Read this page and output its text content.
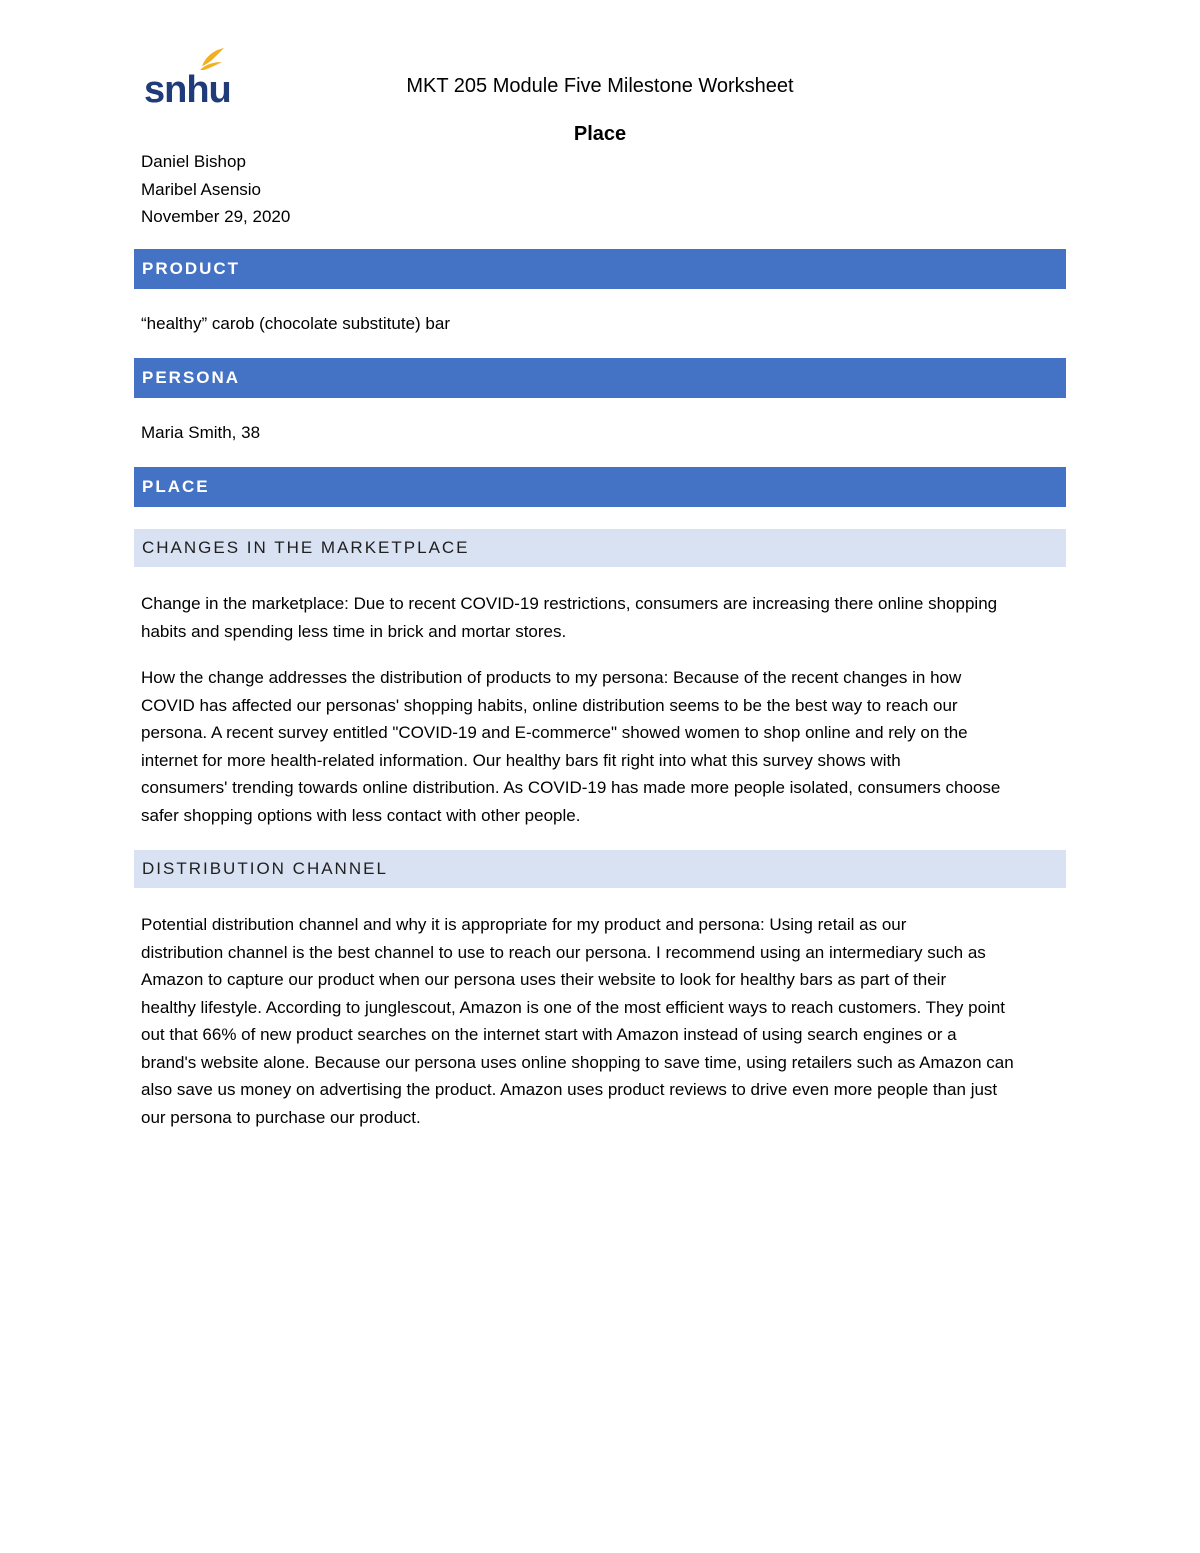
snhu	MKT 205 Module Five Milestone Worksheet
Place
Daniel Bishop
Maribel Asensio
November 29, 2020
PRODUCT
“healthy” carob (chocolate substitute) bar
PERSONA
Maria Smith, 38
PLACE
CHANGES IN THE MARKETPLACE
Change in the marketplace: Due to recent COVID-19 restrictions, consumers are increasing there online shopping
habits and spending less time in brick and mortar stores.
How the change addresses the distribution of products to my persona: Because of the recent changes in how
COVID has affected our personas' shopping habits, online distribution seems to be the best way to reach our
persona. A recent survey entitled "COVID-19 and E-commerce" showed women to shop online and rely on the
internet for more health-related information. Our healthy bars fit right into what this survey shows with
consumers' trending towards online distribution. As COVID-19 has made more people isolated, consumers choose
safer shopping options with less contact with other people.
DISTRIBUTION CHANNEL
Potential distribution channel and why it is appropriate for my product and persona: Using retail as our
distribution channel is the best channel to use to reach our persona. I recommend using an intermediary such as
Amazon to capture our product when our persona uses their website to look for healthy bars as part of their
healthy lifestyle. According to junglescout, Amazon is one of the most efficient ways to reach customers. They point
out that 66% of new product searches on the internet start with Amazon instead of using search engines or a
brand's website alone. Because our persona uses online shopping to save time, using retailers such as Amazon can
also save us money on advertising the product. Amazon uses product reviews to drive even more people than just
our persona to purchase our product.
